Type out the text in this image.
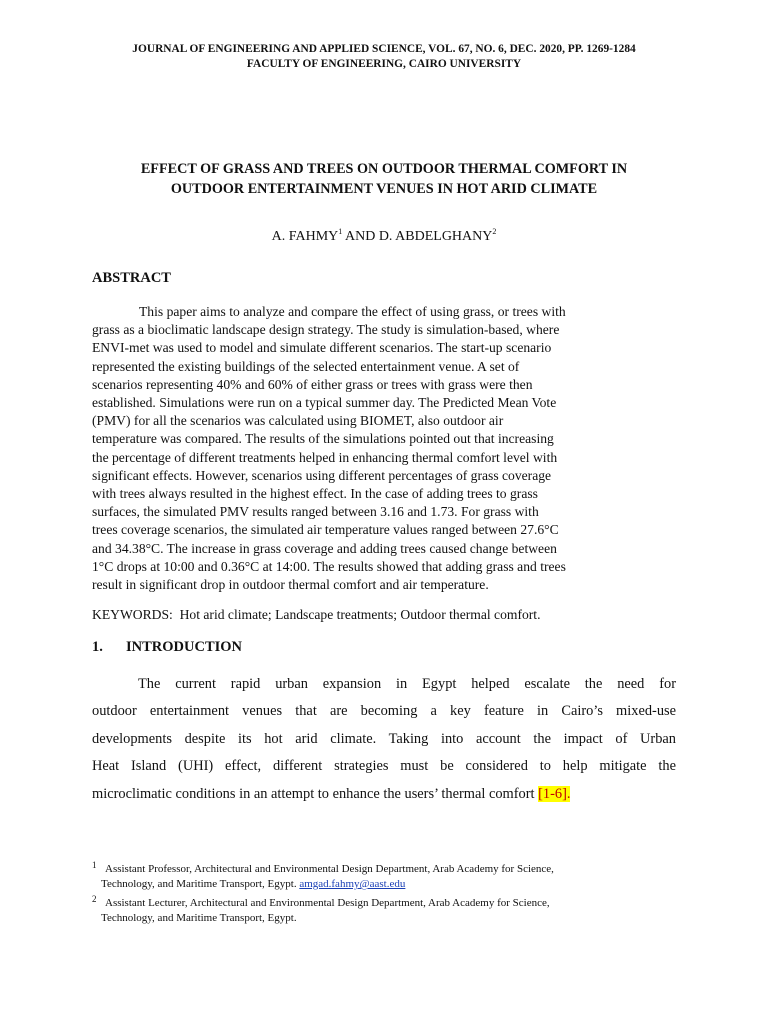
JOURNAL OF ENGINEERING AND APPLIED SCIENCE, VOL. 67, NO. 6, DEC. 2020, PP. 1269-1284
FACULTY OF ENGINEERING, CAIRO UNIVERSITY
EFFECT OF GRASS AND TREES ON OUTDOOR THERMAL COMFORT IN
OUTDOOR ENTERTAINMENT VENUES IN HOT ARID CLIMATE
A. FAHMY$^1$ AND D. ABDELGHANY$^2$
ABSTRACT
This paper aims to analyze and compare the effect of using grass, or trees with
grass as a bioclimatic landscape design strategy. The study is simulation-based, where
ENVI-met was used to model and simulate different scenarios. The start-up scenario
represented the existing buildings of the selected entertainment venue. A set of
scenarios representing 40% and 60% of either grass or trees with grass were then
established. Simulations were run on a typical summer day. The Predicted Mean Vote
(PMV) for all the scenarios was calculated using BIOMET, also outdoor air
temperature was compared. The results of the simulations pointed out that increasing
the percentage of different treatments helped in enhancing thermal comfort level with
significant effects. However, scenarios using different percentages of grass coverage
with trees always resulted in the highest effect. In the case of adding trees to grass
surfaces, the simulated PMV results ranged between 3.16 and 1.73. For grass with
trees coverage scenarios, the simulated air temperature values ranged between 27.6°C
and 34.38°C. The increase in grass coverage and adding trees caused change between
1°C drops at 10:00 and 0.36°C at 14:00. The results showed that adding grass and trees
result in significant drop in outdoor thermal comfort and air temperature.
KEYWORDS:  Hot arid climate; Landscape treatments; Outdoor thermal comfort.
1. INTRODUCTION
The current rapid urban expansion in Egypt helped escalate the need for
outdoor entertainment venues that are becoming a key feature in Cairo’s mixed-use
developments despite its hot arid climate. Taking into account the impact of Urban
Heat Island (UHI) effect, different strategies must be considered to help mitigate the
microclimatic conditions in an attempt to enhance the users’ thermal comfort [1-6].
1 Assistant Professor, Architectural and Environmental Design Department, Arab Academy for Science,
Technology, and Maritime Transport, Egypt. amgad.fahmy@aast.edu
2 Assistant Lecturer, Architectural and Environmental Design Department, Arab Academy for Science,
Technology, and Maritime Transport, Egypt.
